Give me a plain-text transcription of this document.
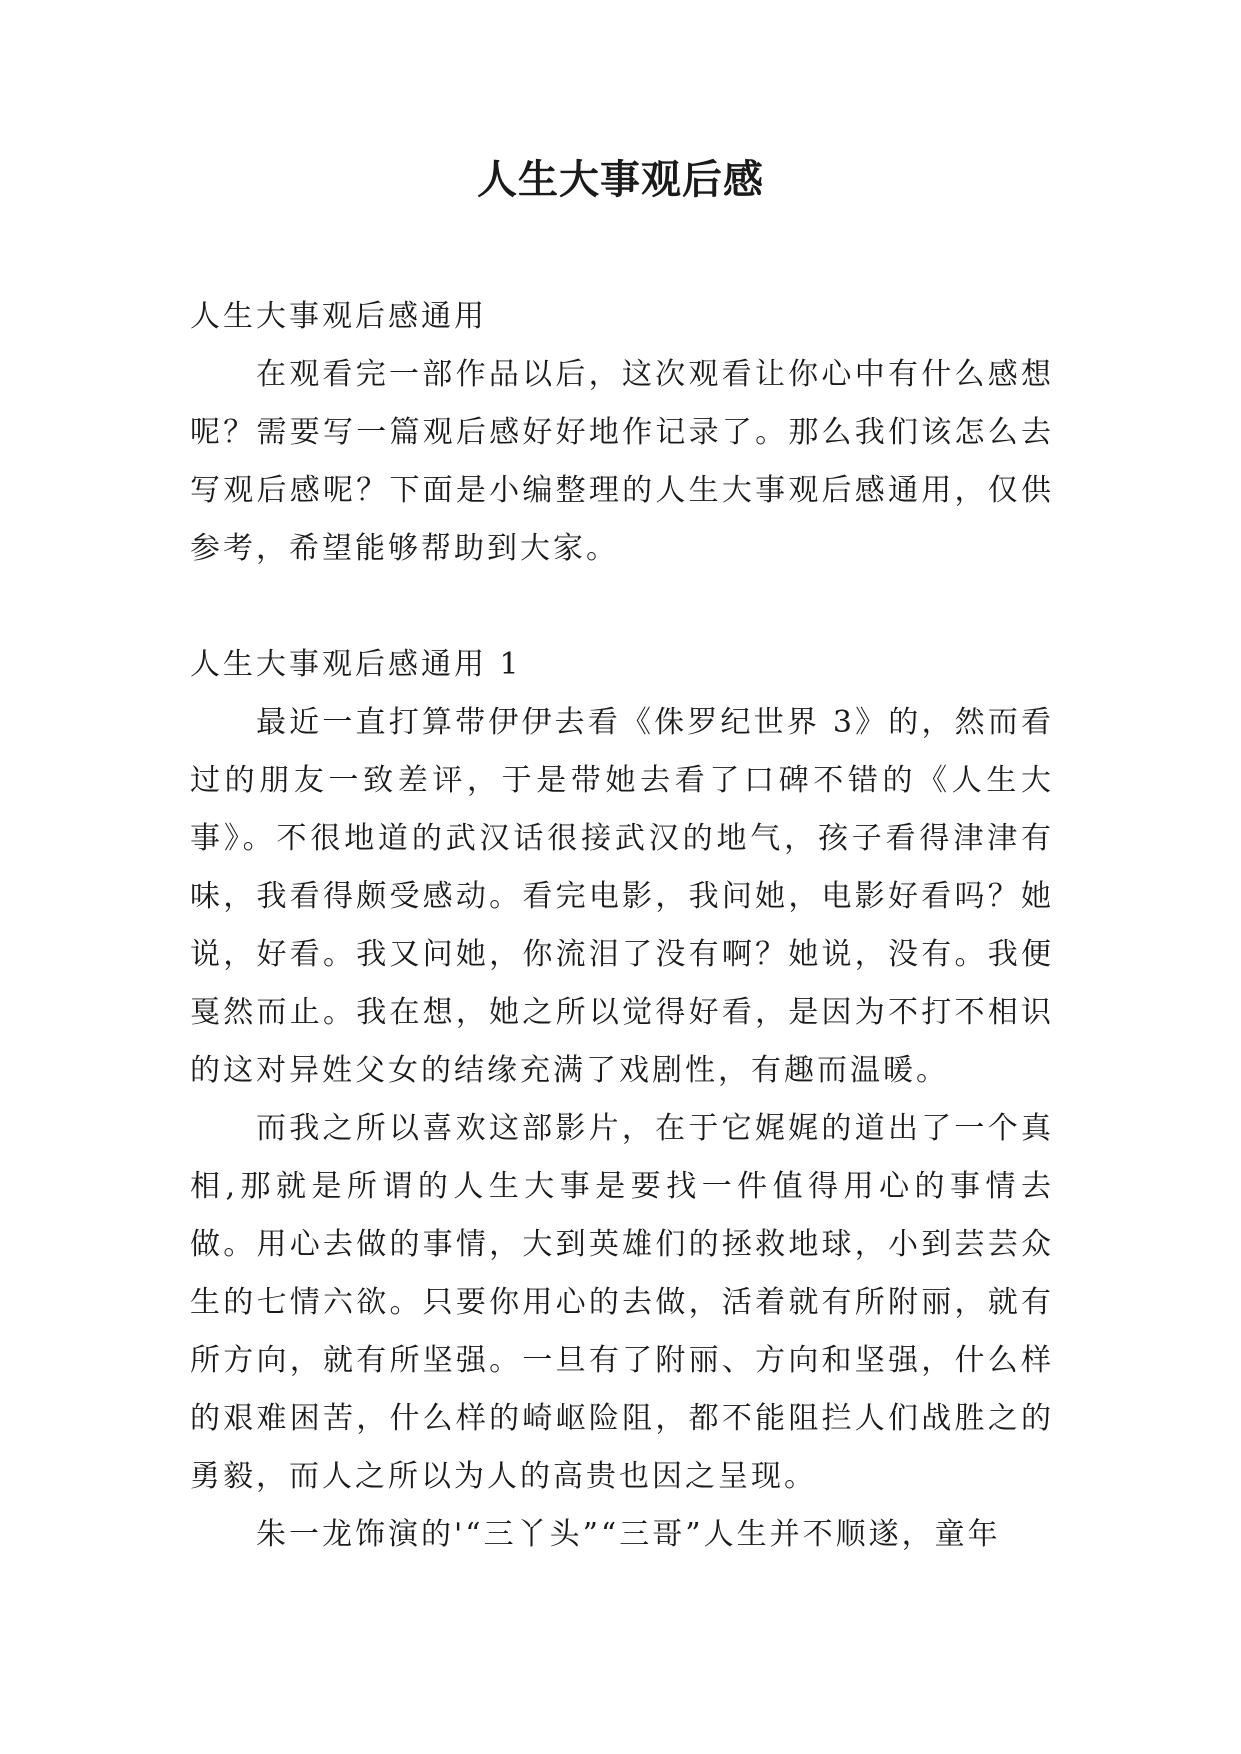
人生大事观后感
人生大事观后感通用

在观看完一部作品以后，这次观看让你心中有什么感想呢？需要写一篇观后感好好地作记录了。那么我们该怎么去写观后感呢？下面是小编整理的人生大事观后感通用，仅供参考，希望能够帮助到大家。

人生大事观后感通用 1

最近一直打算带伊伊去看《侏罗纪世界 3》的，然而看过的朋友一致差评，于是带她去看了口碑不错的《人生大事》。不很地道的武汉话很接武汉的地气，孩子看得津津有味，我看得颇受感动。看完电影，我问她，电影好看吗？她说，好看。我又问她，你流泪了没有啊？她说，没有。我便戛然而止。我在想，她之所以觉得好看，是因为不打不相识的这对异姓父女的结缘充满了戏剧性，有趣而温暖。

而我之所以喜欢这部影片，在于它娓娓的道出了一个真相,那就是所谓的人生大事是要找一件值得用心的事情去做。用心去做的事情，大到英雄们的拯救地球，小到芸芸众生的七情六欲。只要你用心的去做，活着就有所附丽，就有所方向，就有所坚强。一旦有了附丽、方向和坚强，什么样的艰难困苦，什么样的崎岖险阻，都不能阻拦人们战胜之的勇毅，而人之所以为人的高贵也因之呈现。

朱一龙饰演的'“三丫头”“三哥”人生并不顺遂，童年
